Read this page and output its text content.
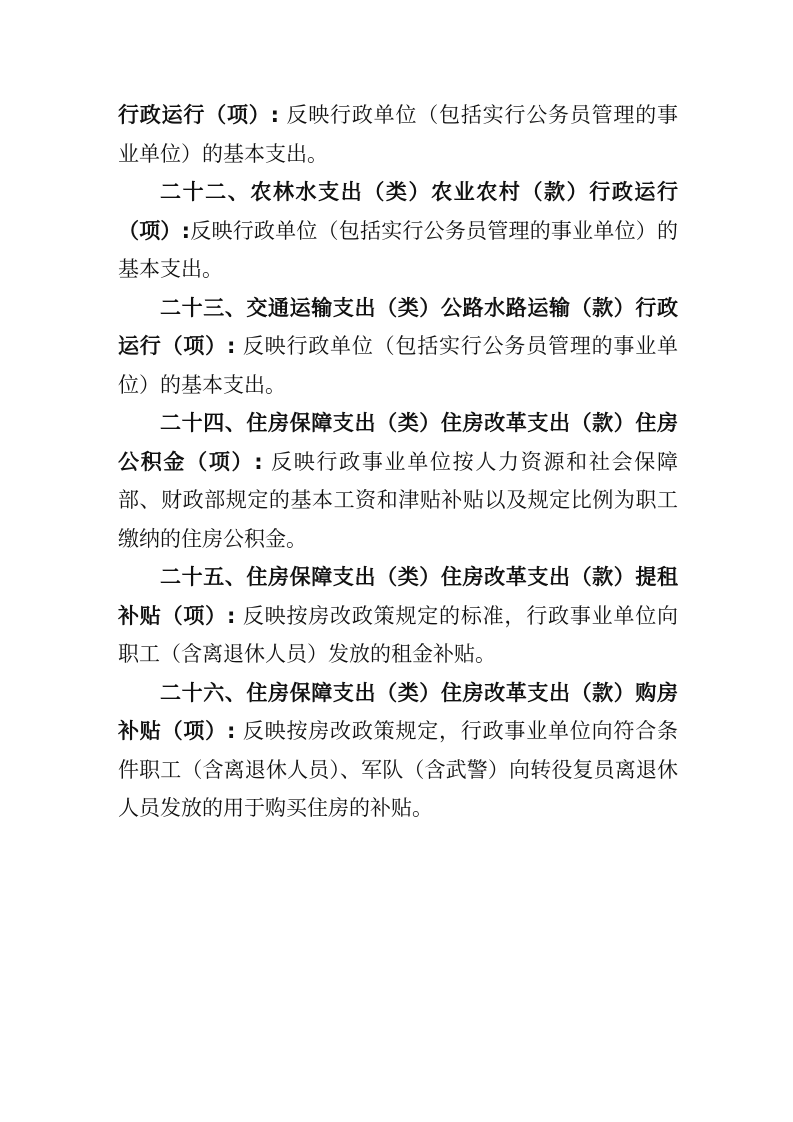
行政运行（项）: 反映行政单位（包括实行公务员管理的事业单位）的基本支出。

二十二、农林水支出（类）农业农村（款）行政运行（项）:反映行政单位（包括实行公务员管理的事业单位）的基本支出。

二十三、交通运输支出（类）公路水路运输（款）行政运行（项）: 反映行政单位（包括实行公务员管理的事业单位）的基本支出。

二十四、住房保障支出（类）住房改革支出（款）住房公积金（项）: 反映行政事业单位按人力资源和社会保障部、财政部规定的基本工资和津贴补贴以及规定比例为职工缴纳的住房公积金。

二十五、住房保障支出（类）住房改革支出（款）提租补贴（项）: 反映按房改政策规定的标准，行政事业单位向职工（含离退休人员）发放的租金补贴。

二十六、住房保障支出（类）住房改革支出（款）购房补贴（项）: 反映按房改政策规定，行政事业单位向符合条件职工（含离退休人员）、军队（含武警）向转役复员离退休人员发放的用于购买住房的补贴。
